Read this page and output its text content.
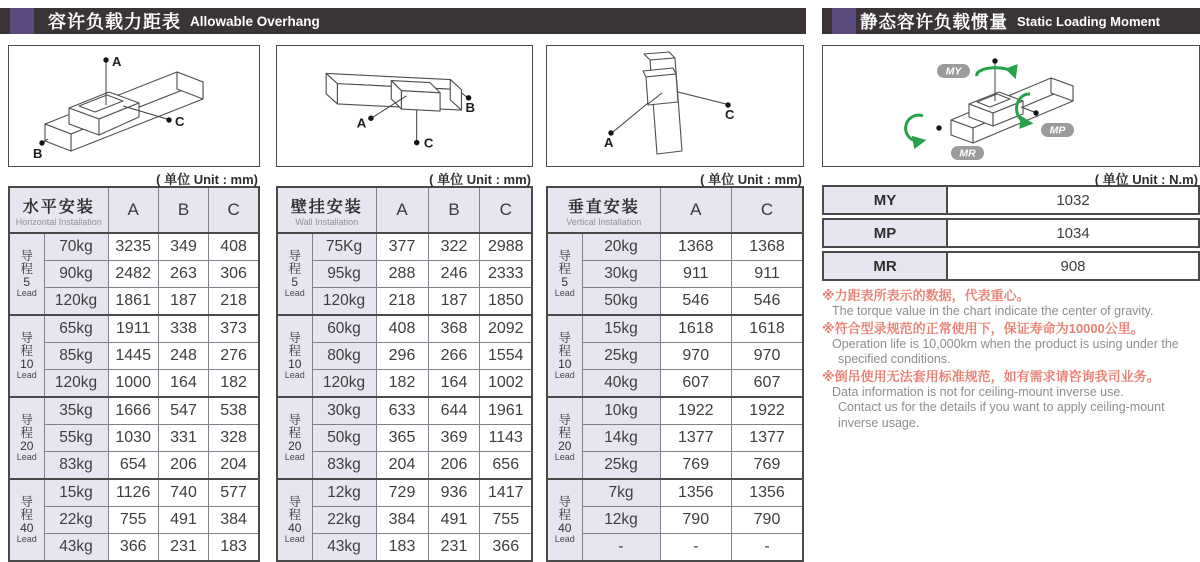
容许负载力距表 Allowable Overhang	静态容许负载惯量 Static Loading Moment
A
C
B
( 单位 Unit : mm)
水平安装
Horizontal Installation		A	B	C

导
程
5
Lead	70kg	3235	349	408
	90kg	2482	263	306
	120kg	1861	187	218

导
程
10
Lead	65kg	1911	338	373
	85kg	1445	248	276
	120kg	1000	164	182

导
程
20
Lead	35kg	1666	547	538
	55kg	1030	331	328
	83kg	654	206	204

导
程
40
Lead	15kg	1126	740	577
	22kg	755	491	384
	43kg	366	231	183
A
C
B
( 单位 Unit : mm)
壁挂安装
Wall Installation		A	B	C

导
程
5
Lead	75Kg	377	322	2988
	95kg	288	246	2333
	120kg	218	187	1850

导
程
10
Lead	60kg	408	368	2092
	80kg	296	266	1554
	120kg	182	164	1002

导
程
20
Lead	30kg	633	644	1961
	50kg	365	369	1143
	83kg	204	206	656

导
程
40
Lead	12kg	729	936	1417
	22kg	384	491	755
	43kg	183	231	366
A
C
( 单位 Unit : mm)
垂直安装
Vertical Installation		A	C

导
程
5
Lead	20kg	1368	1368
	30kg	911	911
	50kg	546	546

导
程
10
Lead	15kg	1618	1618
	25kg	970	970
	40kg	607	607

导
程
20
Lead	10kg	1922	1922
	14kg	1377	1377
	25kg	769	769

导
程
40
Lead	7kg	1356	1356
	12kg	790	790
	-	-	-
MY
MP
MR
( 单位 Unit : N.m)
MY	1032
MP	1034
MR	908
※力距表所表示的数据，代表重心。
The torque value in the chart indicate the center of gravity.
※符合型录规范的正常使用下，保证寿命为10000公里。
Operation life is 10,000km when the product is using under the
specified conditions.
※倒吊使用无法套用标准规范，如有需求请咨询我司业务。
Data information is not for ceiling-mount inverse use.
Contact us for the details if you want to apply ceiling-mount
inverse usage.
